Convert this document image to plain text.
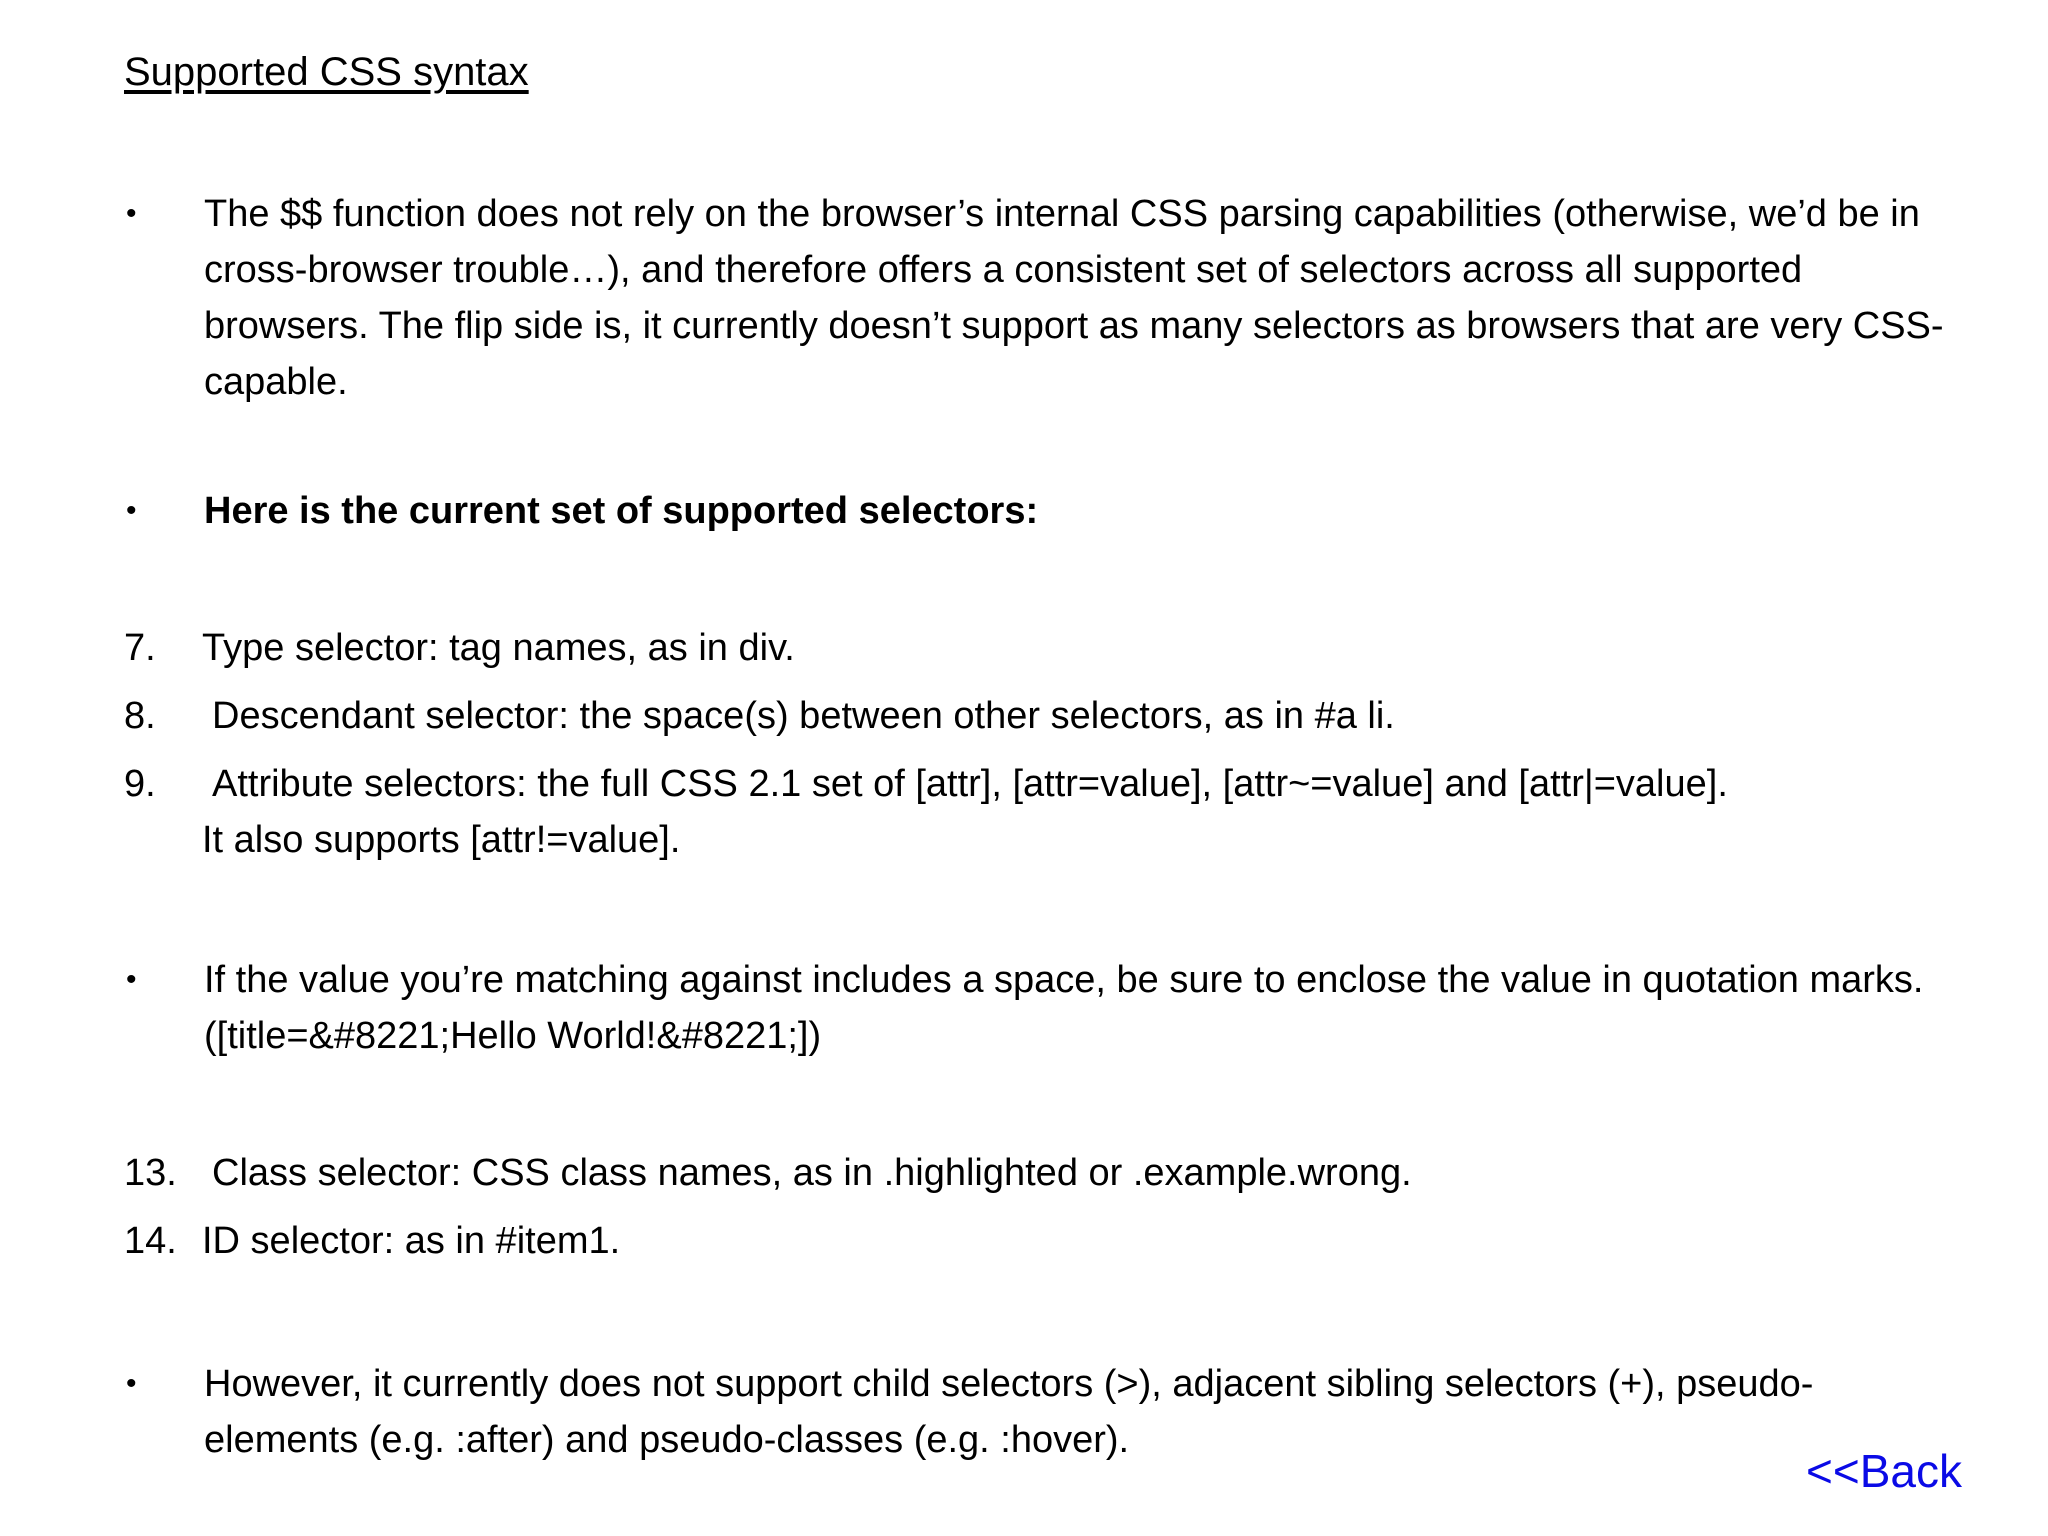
Supported CSS syntax
•	The $$ function does not rely on the browser’s internal CSS parsing capabilities (otherwise, we’d be in cross-browser trouble…), and therefore offers a consistent set of selectors across all supported browsers. The flip side is, it currently doesn’t support as many selectors as browsers that are very CSS-capable.
•	Here is the current set of supported selectors:
7.	Type selector: tag names, as in div.
8.	Descendant selector: the space(s) between other selectors, as in #a li.
9.	Attribute selectors: the full CSS 2.1 set of [attr], [attr=value], [attr~=value] and [attr|=value].
It also supports [attr!=value].
•	If the value you’re matching against includes a space, be sure to enclose the value in quotation marks. ([title=&#8221;Hello World!&#8221;])
13. Class selector: CSS class names, as in .highlighted or .example.wrong.
14. ID selector: as in #item1.
•	However, it currently does not support child selectors (>), adjacent sibling selectors (+), pseudo-elements (e.g. :after) and pseudo-classes (e.g. :hover).
<<Back
